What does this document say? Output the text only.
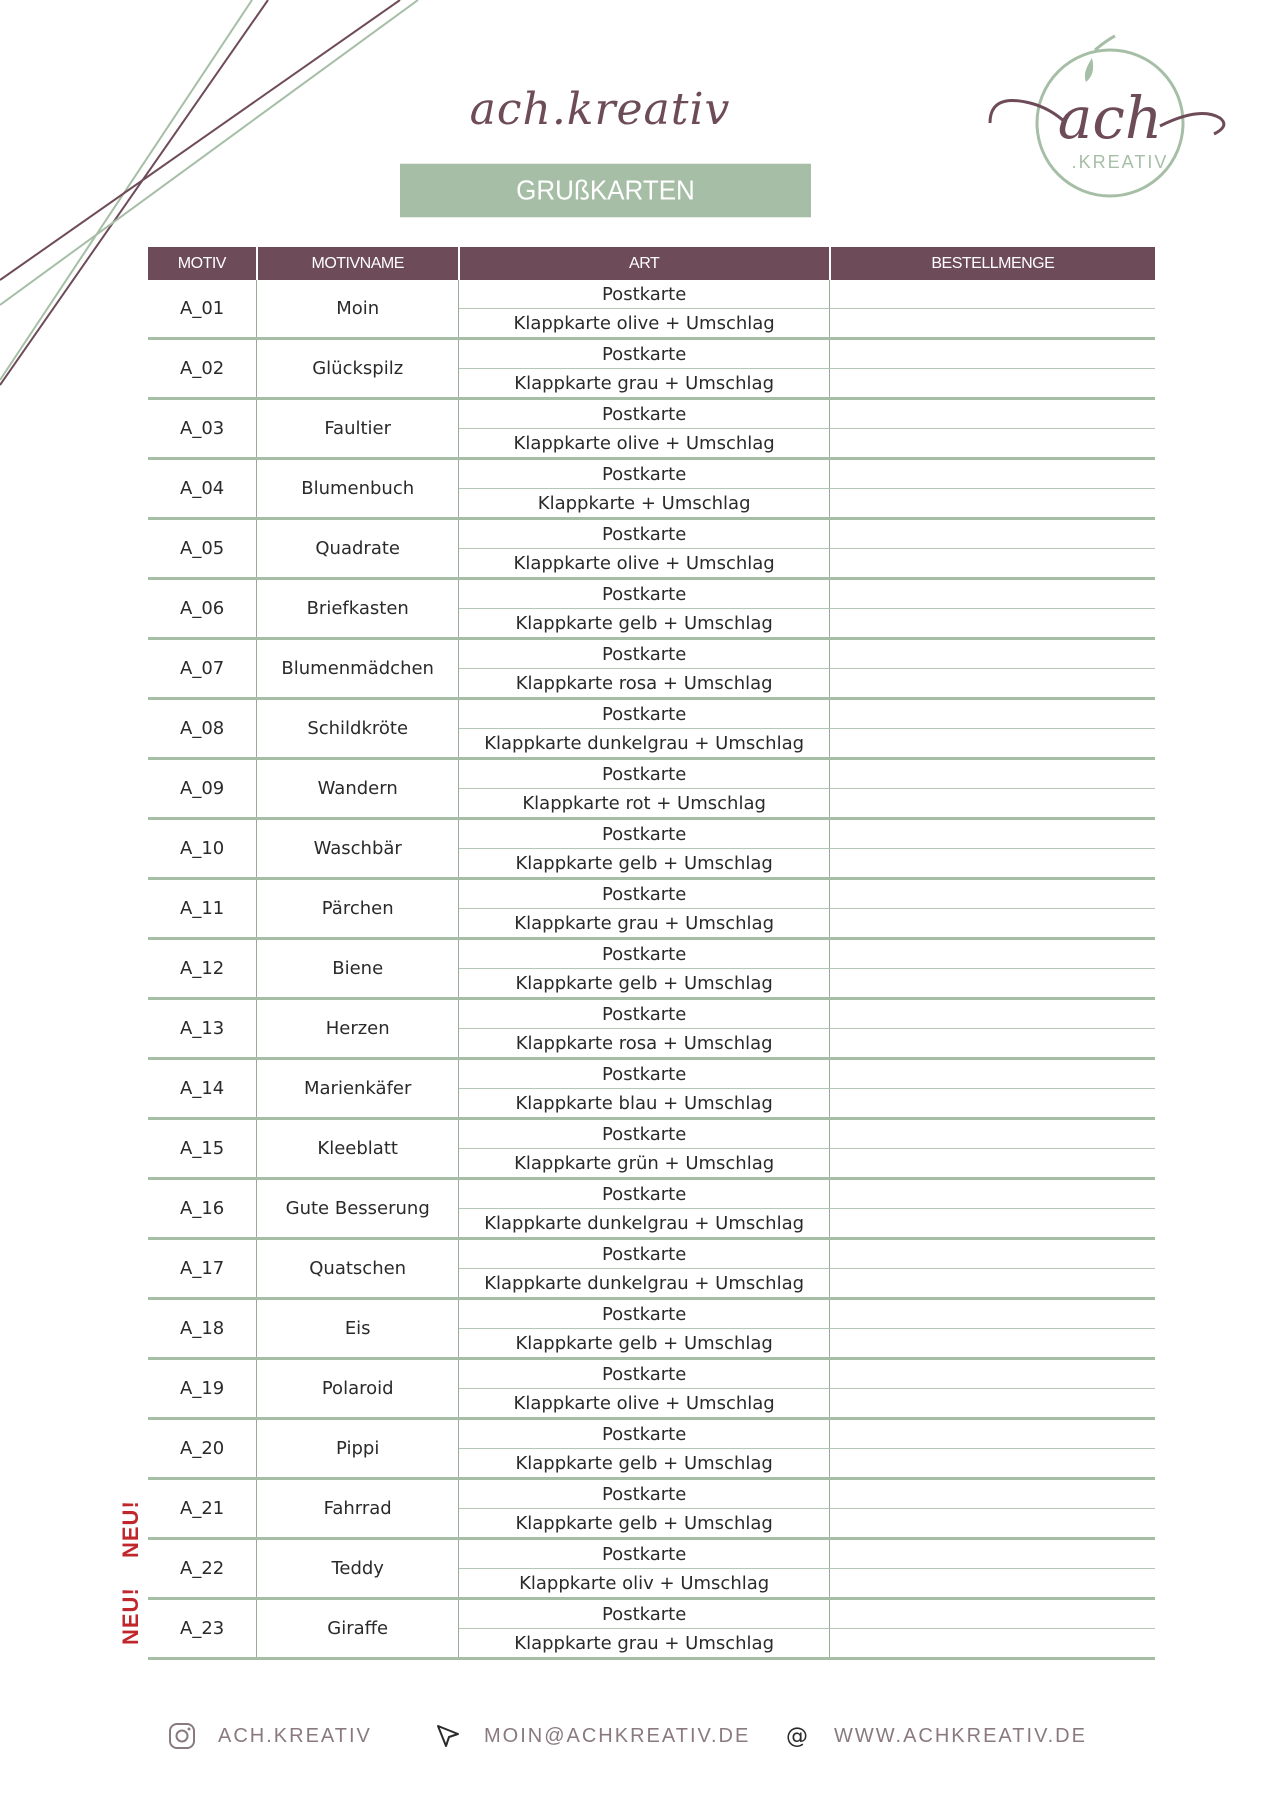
ach.kreativ	ach
.KREATIV
GRUßKARTEN
MOTIV	MOTIVNAME	ART	BESTELLMENGE
A_01	Moin	Postkarte	
		Klappkarte olive + Umschlag	
A_02	Glückspilz	Postkarte	
		Klappkarte grau + Umschlag	
A_03	Faultier	Postkarte	
		Klappkarte olive + Umschlag	
A_04	Blumenbuch	Postkarte	
		Klappkarte + Umschlag	
A_05	Quadrate	Postkarte	
		Klappkarte olive + Umschlag	
A_06	Briefkasten	Postkarte	
		Klappkarte gelb + Umschlag	
A_07	Blumenmädchen	Postkarte	
		Klappkarte rosa + Umschlag	
A_08	Schildkröte	Postkarte	
		Klappkarte dunkelgrau + Umschlag	
A_09	Wandern	Postkarte	
		Klappkarte rot + Umschlag	
A_10	Waschbär	Postkarte	
		Klappkarte gelb + Umschlag	
A_11	Pärchen	Postkarte	
		Klappkarte grau + Umschlag	
A_12	Biene	Postkarte	
		Klappkarte gelb + Umschlag	
A_13	Herzen	Postkarte	
		Klappkarte rosa + Umschlag	
A_14	Marienkäfer	Postkarte	
		Klappkarte blau + Umschlag	
A_15	Kleeblatt	Postkarte	
		Klappkarte grün + Umschlag	
A_16	Gute Besserung	Postkarte	
		Klappkarte dunkelgrau + Umschlag	
A_17	Quatschen	Postkarte	
		Klappkarte dunkelgrau + Umschlag	
A_18	Eis	Postkarte	
		Klappkarte gelb + Umschlag	
A_19	Polaroid	Postkarte	
		Klappkarte olive + Umschlag	
A_20	Pippi	Postkarte	
		Klappkarte gelb + Umschlag	
A_21	Fahrrad	Postkarte	
		Klappkarte gelb + Umschlag	
A_22	Teddy	Postkarte	
		Klappkarte oliv + Umschlag	
A_23	Giraffe	Postkarte	
		Klappkarte grau + Umschlag	
NEU!
NEU!
ACH.KREATIV	MOIN@ACHKREATIV.DE @ WWW.ACHKREATIV.DE
